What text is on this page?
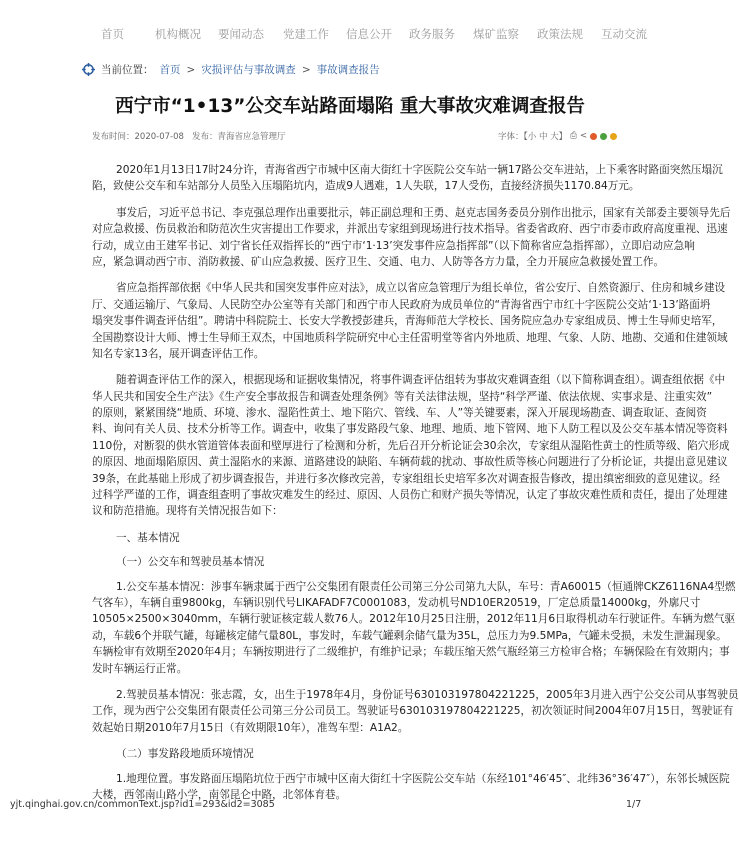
首页	机构概况 要闻动态 党建工作 信息公开 政务服务 煤矿监察 政策法规 互动交流
当前位置： 首页 > 灾损评估与事故调查 > 事故调查报告
西宁市“1•13”公交车站路面塌陷 重大事故灾难调查报告
发布时间：2020-07-08 发布：青海省应急管理厅	字体：【小 中 大】 ⎙ <
2020年1月13日17时24分许，青海省西宁市城中区南大街红十字医院公交车站一辆17路公交车进站，上下乘客时路面突然压塌沉
陷，致使公交车和车站部分人员坠入压塌陷坑内，造成9人遇难，1人失联，17人受伤，直接经济损失1170.84万元。
事发后，习近平总书记、李克强总理作出重要批示，韩正副总理和王勇、赵克志国务委员分别作出批示，国家有关部委主要领导先后
对应急救援、伤员救治和防范次生灾害提出工作要求，并派出专家组到现场进行技术指导。省委省政府、西宁市委市政府高度重视、迅速
行动，成立由王建军书记、刘宁省长任双指挥长的“西宁市‘1·13’突发事件应急指挥部”（以下简称省应急指挥部），立即启动应急响
应，紧急调动西宁市、消防救援、矿山应急救援、医疗卫生、交通、电力、人防等各方力量，全力开展应急救援处置工作。
省应急指挥部依据《中华人民共和国突发事件应对法》，成立以省应急管理厅为组长单位，省公安厅、自然资源厅、住房和城乡建设
厅、交通运输厅、气象局、人民防空办公室等有关部门和西宁市人民政府为成员单位的“青海省西宁市红十字医院公交站‘1·13’路面坍
塌突发事件调查评估组”。聘请中科院院士、长安大学教授彭建兵，青海师范大学校长、国务院应急办专家组成员、博士生导师史培军，
全国勘察设计大师、博士生导师王双杰，中国地质科学院研究中心主任雷明堂等省内外地质、地理、气象、人防、地勘、交通和住建领域
知名专家13名，展开调查评估工作。
随着调查评估工作的深入，根据现场和证据收集情况，将事件调查评估组转为事故灾难调查组（以下简称调查组）。调查组依据《中
华人民共和国安全生产法》《生产安全事故报告和调查处理条例》等有关法律法规，坚持“科学严谨、依法依规、实事求是、注重实效”
的原则，紧紧围绕“地质、环境、渗水、湿陷性黄土、地下陷穴、管线、车、人”等关键要素，深入开展现场勘查、调查取证、查阅资
料、询问有关人员、技术分析等工作。调查中，收集了事发路段气象、地理、地质、地下管网、地下人防工程以及公交车基本情况等资料
110份，对断裂的供水管道管体表面和壁厚进行了检测和分析，先后召开分析论证会30余次，专家组从湿陷性黄土的性质等级、陷穴形成
的原因、地面塌陷原因、黄土湿陷水的来源、道路建设的缺陷、车辆荷载的扰动、事故性质等核心问题进行了分析论证，共提出意见建议
39条，在此基础上形成了初步调查报告，并进行多次修改完善，专家组组长史培军多次对调查报告修改，提出缜密细致的意见建议。经
过科学严谨的工作，调查组查明了事故灾难发生的经过、原因、人员伤亡和财产损失等情况，认定了事故灾难性质和责任，提出了处理建
议和防范措施。现将有关情况报告如下：
一、基本情况
（一）公交车和驾驶员基本情况
1.公交车基本情况：涉事车辆隶属于西宁公交集团有限责任公司第三分公司第九大队，车号：青A60015（恒通牌CKZ6116NA4型燃
气客车），车辆自重9800kg，车辆识别代号LIKAFADF7C0001083，发动机号ND10ER20519，厂定总质量14000kg，外廓尺寸
10505×2500×3040mm，车辆行驶证核定载人数76人。2012年10月25日注册，2012年11月6日取得机动车行驶证件。车辆为燃气驱
动，车载6个并联气罐，每罐核定储气量80L，事发时，车载气罐剩余储气量为35L，总压力为9.5MPa，气罐未受损，未发生泄漏现象。
车辆检审有效期至2020年4月；车辆按期进行了二级维护，有维护记录；车载压缩天然气瓶经第三方检审合格；车辆保险在有效期内；事
发时车辆运行正常。
2.驾驶员基本情况：张志霞，女，出生于1978年4月，身份证号630103197804221225，2005年3月进入西宁公交公司从事驾驶员
工作，现为西宁公交集团有限责任公司第三分公司员工。驾驶证号630103197804221225，初次领证时间2004年07月15日，驾驶证有
效起始日期2010年7月15日（有效期限10年），准驾车型：A1A2。
（二）事发路段地质环境情况
1.地理位置。事发路面压塌陷坑位于西宁市城中区南大街红十字医院公交车站（东经101°46′45″、北纬36°36′47″），东邻长城医院
大楼，西邻南山路小学，南邻昆仑中路，北邻体育巷。
yjt.qinghai.gov.cn/commonText.jsp?id1=293&id2=3085	1/7
